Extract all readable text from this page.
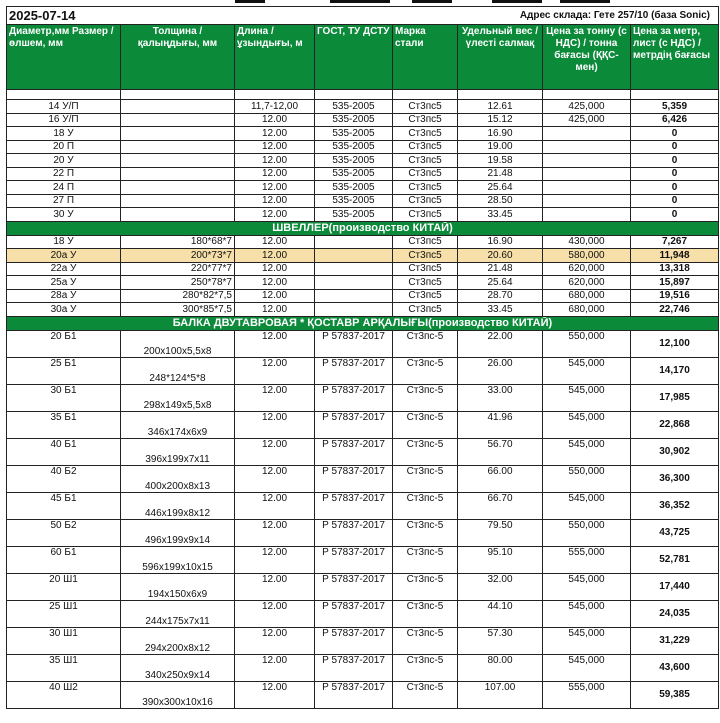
2025-07-14	Адрес склада: Гете 257/10 (база Sonic)
Диаметр,мм Размер / өлшем, мм	Толщина / қалыңдығы, мм	Длина / ұзындығы, м	ГОСТ, ТУ ДСТУ	Марка стали	Удельный вес / үлесті салмақ	Цена за тонну (с НДС) / тонна бағасы (ҚҚС-мен)	Цена за метр, лист (с НДС) / метрдің бағасы

14 У/П		11,7-12,00	535-2005	Ст3пс5	12.61	425,000	5,359
16 У/П		12.00	535-2005	Ст3пс5	15.12	425,000	6,426
18 У		12.00	535-2005	Ст3пс5	16.90		0
20 П		12.00	535-2005	Ст3пс5	19.00		0
20 У		12.00	535-2005	Ст3пс5	19.58		0
22 П		12.00	535-2005	Ст3пс5	21.48		0
24 П		12.00	535-2005	Ст3пс5	25.64		0
27 П		12.00	535-2005	Ст3пс5	28.50		0
30 У		12.00	535-2005	Ст3пс5	33.45		0
ШВЕЛЛЕР(производство КИТАЙ)							
18 У	180*68*7	12.00		Ст3пс5	16.90	430,000	7,267
20а У	200*73*7	12.00		Ст3пс5	20.60	580,000	11,948
22а У	220*77*7	12.00		Ст3пс5	21.48	620,000	13,318
25а У	250*78*7	12.00		Ст3пс5	25.64	620,000	15,897
28а У	280*82*7,5	12.00		Ст3пс5	28.70	680,000	19,516
30а У	300*85*7,5	12.00		Ст3пс5	33.45	680,000	22,746
БАЛКА ДВУТАВРОВАЯ * ҚОСТАВР АРҚАЛЫҒЫ(производство КИТАЙ)							
20 Б1	200x100x5,5x8	12.00	Р 57837-2017	Ст3пс-5	22.00	550,000	12,100
25 Б1	248*124*5*8	12.00	Р 57837-2017	Ст3пс-5	26.00	545,000	14,170
30 Б1	298x149x5,5x8	12.00	Р 57837-2017	Ст3пс-5	33.00	545,000	17,985
35 Б1	346x174x6x9	12.00	Р 57837-2017	Ст3пс-5	41.96	545,000	22,868
40 Б1	396x199x7x11	12.00	Р 57837-2017	Ст3пс-5	56.70	545,000	30,902
40 Б2	400x200x8x13	12.00	Р 57837-2017	Ст3пс-5	66.00	550,000	36,300
45 Б1	446x199x8x12	12.00	Р 57837-2017	Ст3пс-5	66.70	545,000	36,352
50 Б2	496x199x9x14	12.00	Р 57837-2017	Ст3пс-5	79.50	550,000	43,725
60 Б1	596x199x10x15	12.00	Р 57837-2017	Ст3пс-5	95.10	555,000	52,781
20 Ш1	194x150x6x9	12.00	Р 57837-2017	Ст3пс-5	32.00	545,000	17,440
25 Ш1	244x175x7x11	12.00	Р 57837-2017	Ст3пс-5	44.10	545,000	24,035
30 Ш1	294x200x8x12	12.00	Р 57837-2017	Ст3пс-5	57.30	545,000	31,229
35 Ш1	340x250x9x14	12.00	Р 57837-2017	Ст3пс-5	80.00	545,000	43,600
40 Ш2	390x300x10x16	12.00	Р 57837-2017	Ст3пс-5	107.00	555,000	59,385
